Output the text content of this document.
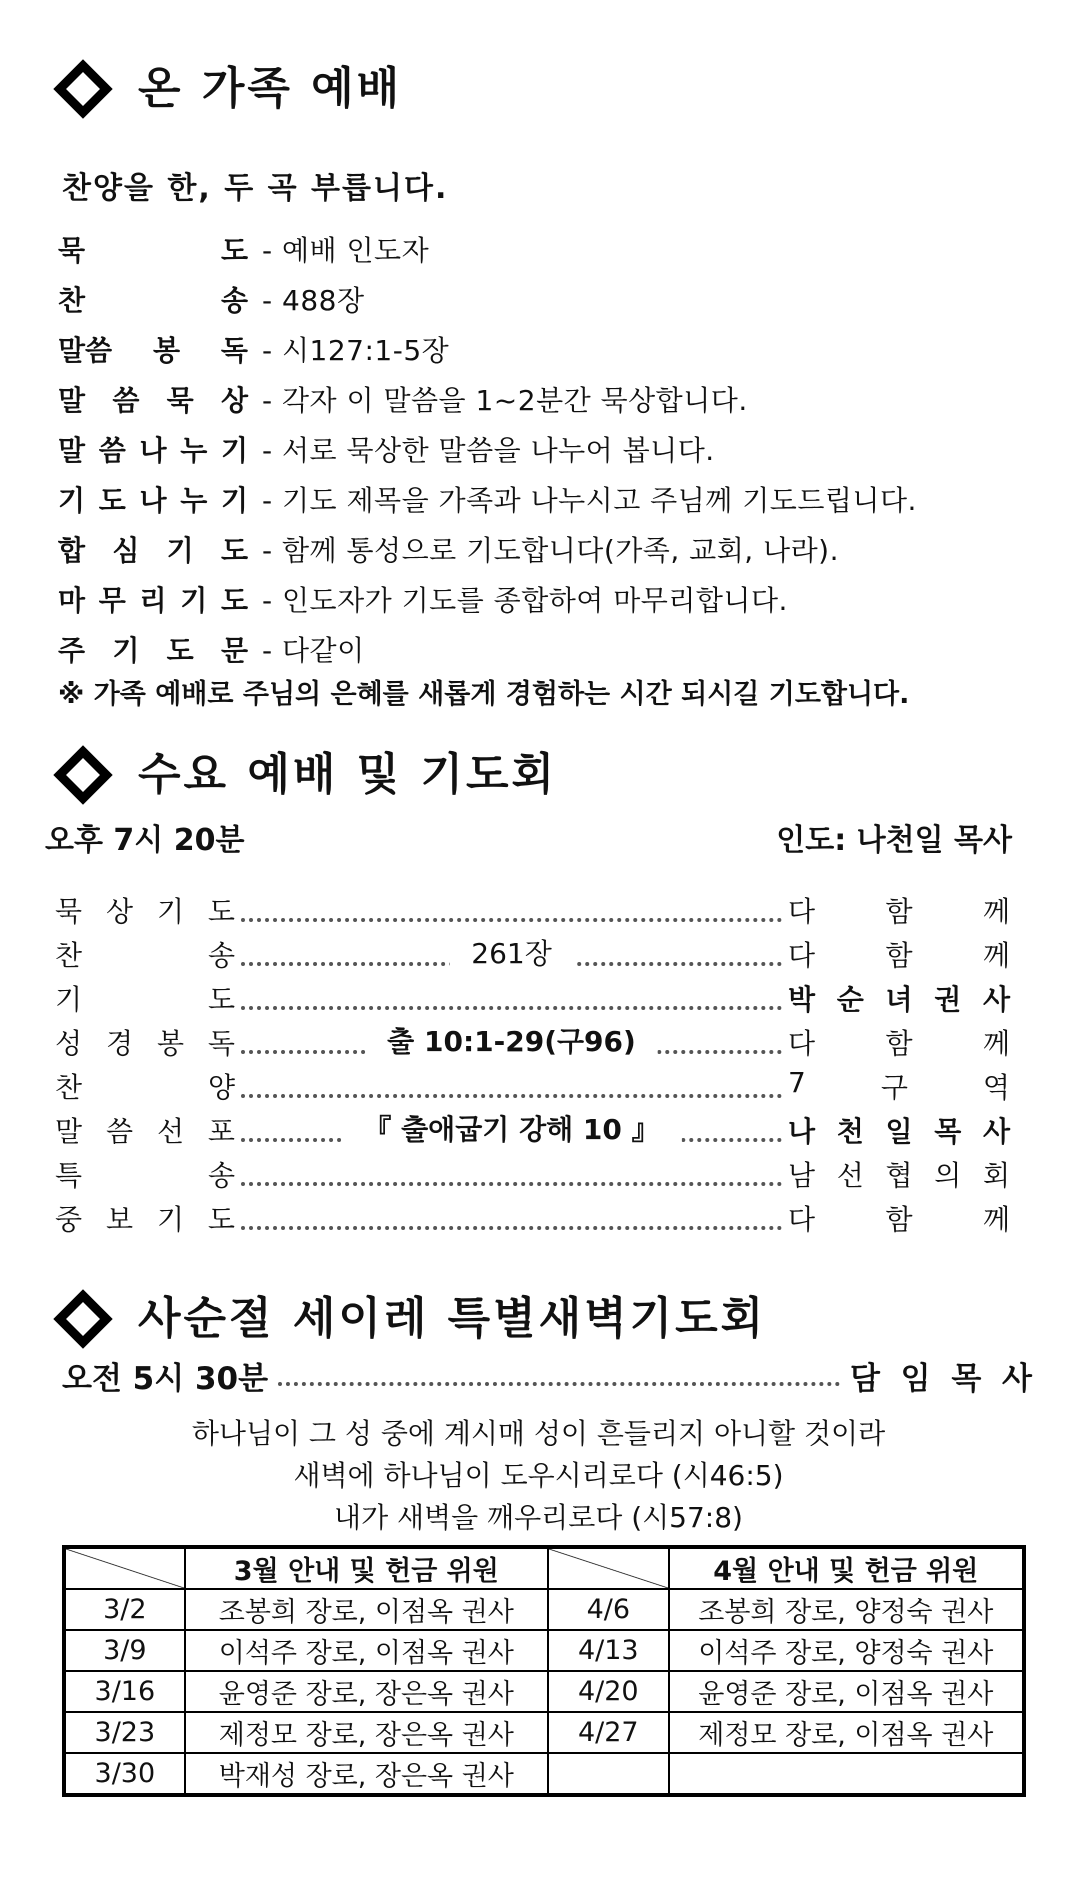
온 가족 예배
찬양을 한, 두 곡 부릅니다.
묵	도 - 예배 인도자
찬	송 - 488장
말씀 봉 독 - 시127:1-5장
말 씀 묵 상 - 각자 이 말씀을 1~2분간 묵상합니다.
말 씀 나 누 기 - 서로 묵상한 말씀을 나누어 봅니다.
기 도 나 누 기 - 기도 제목을 가족과 나누시고 주님께 기도드립니다.
합 심 기 도 - 함께 통성으로 기도합니다(가족, 교회, 나라).
마 무 리 기 도 - 인도자가 기도를 종합하여 마무리합니다.
주 기 도 문 - 다같이
※ 가족 예배로 주님의 은혜를 새롭게 경험하는 시간 되시길 기도합니다.
수요 예배 및 기도회
오후 7시 20분	인도: 나천일 목사
묵 상 기 도	다	함	께
찬	송	261장	다	함	께
기	도	박 순 녀 권 사
성 경 봉 독	출 10:1-29(구96)	다	함	께
찬	양	7	구	역
말 씀 선 포	『 출애굽기 강해 10 』	나 천 일 목 사
특	송	남 선 협 의 회
중 보 기 도	다	함	께
사순절 세이레 특별새벽기도회
오전 5시 30분	담 임 목 사
하나님이 그 성 중에 계시매 성이 흔들리지 아니할 것이라
새벽에 하나님이 도우시리로다 (시46:5)
내가 새벽을 깨우리로다 (시57:8)
	3월 안내 및 헌금 위원		4월 안내 및 헌금 위원
3/2	조봉희 장로, 이점옥 권사	4/6	조봉희 장로, 양정숙 권사
3/9	이석주 장로, 이점옥 권사	4/13	이석주 장로, 양정숙 권사
3/16	윤영준 장로, 장은옥 권사	4/20	윤영준 장로, 이점옥 권사
3/23	제정모 장로, 장은옥 권사	4/27	제정모 장로, 이점옥 권사
3/30	박재성 장로, 장은옥 권사		
